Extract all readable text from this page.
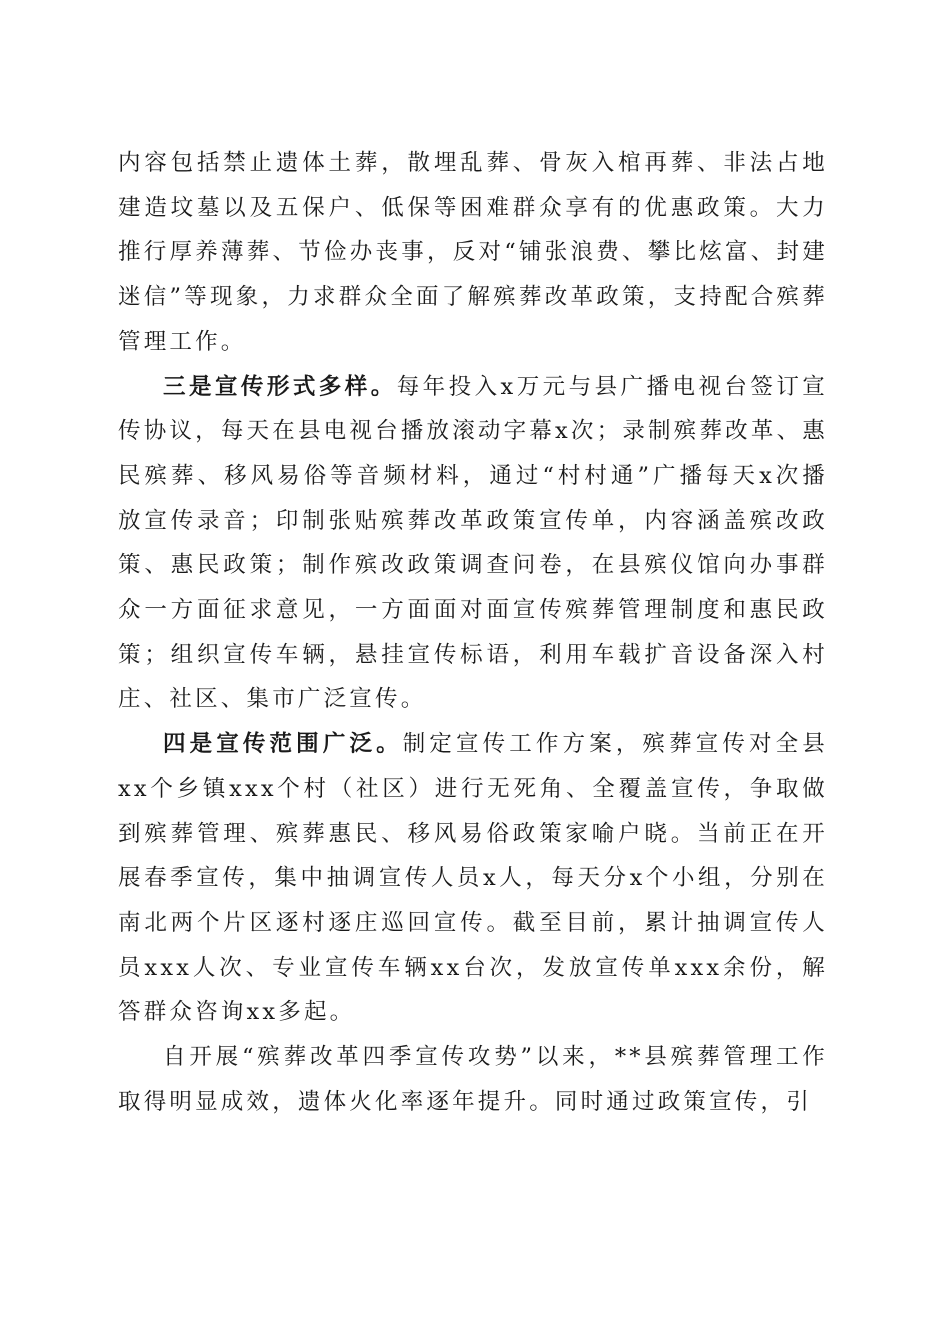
内容包括禁止遗体土葬，散埋乱葬、骨灰入棺再葬、非法占地建造坟墓以及五保户、低保等困难群众享有的优惠政策。大力推行厚养薄葬、节俭办丧事，反对“铺张浪费、攀比炫富、封建迷信”等现象，力求群众全面了解殡葬改革政策，支持配合殡葬管理工作。

三是宣传形式多样。每年投入x万元与县广播电视台签订宣传协议，每天在县电视台播放滚动字幕x次；录制殡葬改革、惠民殡葬、移风易俗等音频材料，通过“村村通”广播每天x次播放宣传录音；印制张贴殡葬改革政策宣传单，内容涵盖殡改政策、惠民政策；制作殡改政策调查问卷，在县殡仪馆向办事群众一方面征求意见，一方面面对面宣传殡葬管理制度和惠民政策；组织宣传车辆，悬挂宣传标语，利用车载扩音设备深入村庄、社区、集市广泛宣传。

四是宣传范围广泛。制定宣传工作方案，殡葬宣传对全县xx个乡镇xxx个村（社区）进行无死角、全覆盖宣传，争取做到殡葬管理、殡葬惠民、移风易俗政策家喻户晓。当前正在开展春季宣传，集中抽调宣传人员x人，每天分x个小组，分别在南北两个片区逐村逐庄巡回宣传。截至目前，累计抽调宣传人员xxx人次、专业宣传车辆xx台次，发放宣传单xxx余份，解答群众咨询xx多起。

自开展“殡葬改革四季宣传攻势”以来，**县殡葬管理工作取得明显成效，遗体火化率逐年提升。同时通过政策宣传，引
